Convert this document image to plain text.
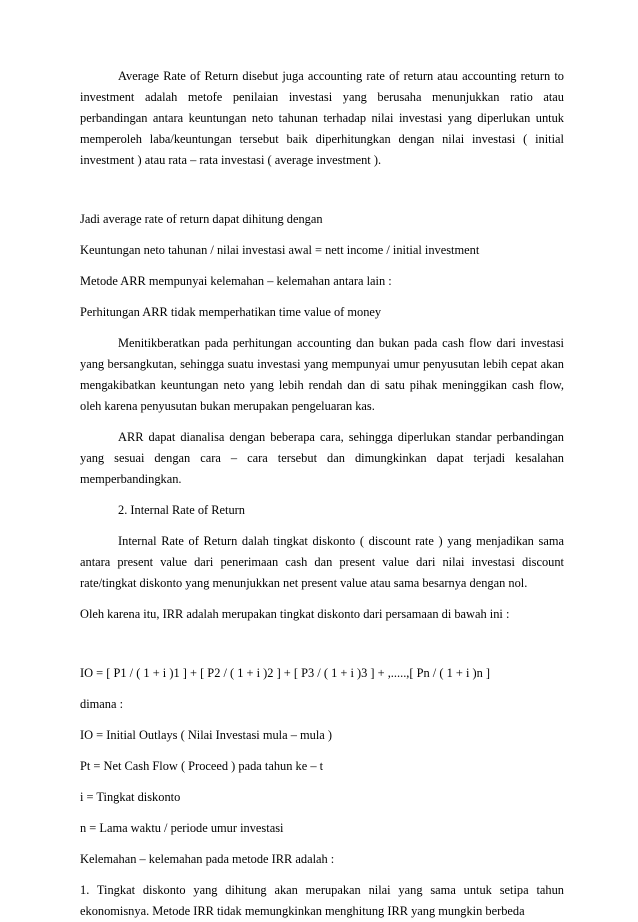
Average Rate of Return disebut juga accounting rate of return atau accounting return to investment adalah metofe penilaian investasi yang berusaha menunjukkan ratio atau perbandingan antara keuntungan neto tahunan terhadap nilai investasi yang diperlukan untuk memperoleh laba/keuntungan tersebut baik diperhitungkan dengan nilai investasi ( initial investment ) atau rata – rata investasi ( average investment ).

Jadi average rate of return dapat dihitung dengan

Keuntungan neto tahunan / nilai investasi awal = nett income / initial investment

Metode ARR mempunyai kelemahan – kelemahan antara lain :

Perhitungan ARR tidak memperhatikan time value of money

Menitikberatkan pada perhitungan accounting dan bukan pada cash flow dari investasi yang bersangkutan, sehingga suatu investasi yang mempunyai umur penyusutan lebih cepat akan mengakibatkan keuntungan neto yang lebih rendah dan di satu pihak meninggikan cash flow, oleh karena penyusutan bukan merupakan pengeluaran kas.

ARR dapat dianalisa dengan beberapa cara, sehingga diperlukan standar perbandingan yang sesuai dengan cara – cara tersebut dan dimungkinkan dapat terjadi kesalahan memperbandingkan.

2. Internal Rate of Return

Internal Rate of Return dalah tingkat diskonto ( discount rate ) yang menjadikan sama antara present value dari penerimaan cash dan present value dari nilai investasi discount rate/tingkat diskonto yang menunjukkan net present value atau sama besarnya dengan nol.

Oleh karena itu, IRR adalah merupakan tingkat diskonto dari persamaan di bawah ini :

IO = [ P1 / ( 1 + i )1 ] + [ P2 / ( 1 + i )2 ] + [ P3 / ( 1 + i )3 ] + ,.....,[ Pn / ( 1 + i )n ]

dimana :

IO = Initial Outlays ( Nilai Investasi mula – mula )

Pt = Net Cash Flow ( Proceed ) pada tahun ke – t

i = Tingkat diskonto

n = Lama waktu / periode umur investasi

Kelemahan – kelemahan pada metode IRR adalah :

1. Tingkat diskonto yang dihitung akan merupakan nilai yang sama untuk setipa tahun ekonomisnya. Metode IRR tidak memungkinkan menghitung IRR yang mungkin berbeda
